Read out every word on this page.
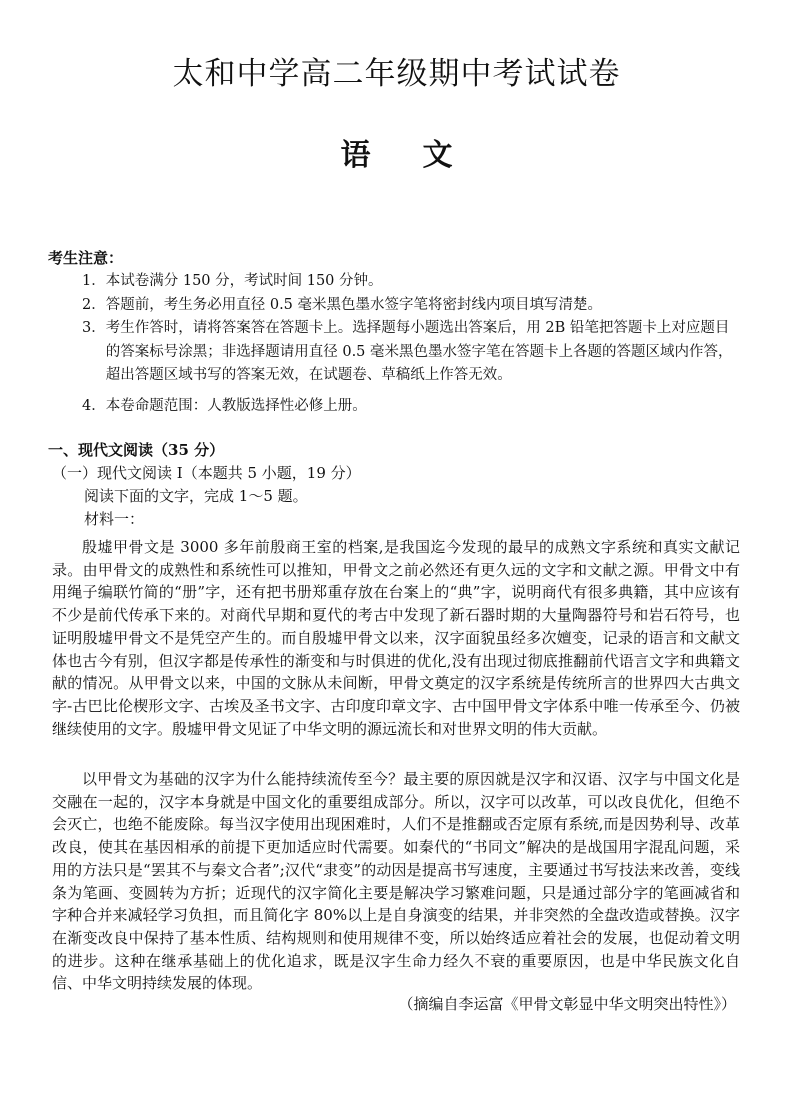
太和中学高二年级期中考试试卷
语 文
考生注意：
1． 本试卷满分 150 分，考试时间 150 分钟。
2． 答题前，考生务必用直径 0.5 毫米黑色墨水签字笔将密封线内项目填写清楚。
3． 考生作答时，请将答案答在答题卡上。选择题每小题选出答案后，用 2B 铅笔把答题卡上对应题目的答案标号涂黑；非选择题请用直径 0.5 毫米黑色墨水签字笔在答题卡上各题的答题区域内作答，超出答题区域书写的答案无效，在试题卷、草稿纸上作答无效。
4． 本卷命题范围：人教版选择性必修上册。
一、现代文阅读（35 分）
（一）现代文阅读 I（本题共 5 小题，19 分）
阅读下面的文字，完成 1～5 题。
材料一：
殷墟甲骨文是 3000 多年前殷商王室的档案,是我国迄今发现的最早的成熟文字系统和真实文献记录。由甲骨文的成熟性和系统性可以推知，甲骨文之前必然还有更久远的文字和文献之源。甲骨文中有用绳子编联竹简的“册”字，还有把书册郑重存放在台案上的“典”字，说明商代有很多典籍，其中应该有不少是前代传承下来的。对商代早期和夏代的考古中发现了新石器时期的大量陶器符号和岩石符号，也证明殷墟甲骨文不是凭空产生的。而自殷墟甲骨文以来，汉字面貌虽经多次嬗变，记录的语言和文献文体也古今有别，但汉字都是传承性的渐变和与时俱进的优化,没有出现过彻底推翻前代语言文字和典籍文献的情况。从甲骨文以来，中国的文脉从未间断，甲骨文奠定的汉字系统是传统所言的世界四大古典文字-古巴比伦楔形文字、古埃及圣书文字、古印度印章文字、古中国甲骨文字体系中唯一传承至今、仍被继续使用的文字。殷墟甲骨文见证了中华文明的源远流长和对世界文明的伟大贡献。
以甲骨文为基础的汉字为什么能持续流传至今？最主要的原因就是汉字和汉语、汉字与中国文化是交融在一起的，汉字本身就是中国文化的重要组成部分。所以，汉字可以改革，可以改良优化，但绝不会灭亡，也绝不能废除。每当汉字使用出现困难时，人们不是推翻或否定原有系统,而是因势利导、改革改良，使其在基因相承的前提下更加适应时代需要。如秦代的“书同文”解决的是战国用字混乱问题，采用的方法只是“罢其不与秦文合者”;汉代“隶变”的动因是提高书写速度，主要通过书写技法来改善，变线条为笔画、变圆转为方折；近现代的汉字简化主要是解决学习繁难问题，只是通过部分字的笔画减省和字种合并来减轻学习负担，而且简化字 80%以上是自身演变的结果，并非突然的全盘改造或替换。汉字在渐变改良中保持了基本性质、结构规则和使用规律不变，所以始终适应着社会的发展，也促动着文明的进步。这种在继承基础上的优化追求，既是汉字生命力经久不衰的重要原因，也是中华民族文化自信、中华文明持续发展的体现。
（摘编自李运富《甲骨文彰显中华文明突出特性》）
